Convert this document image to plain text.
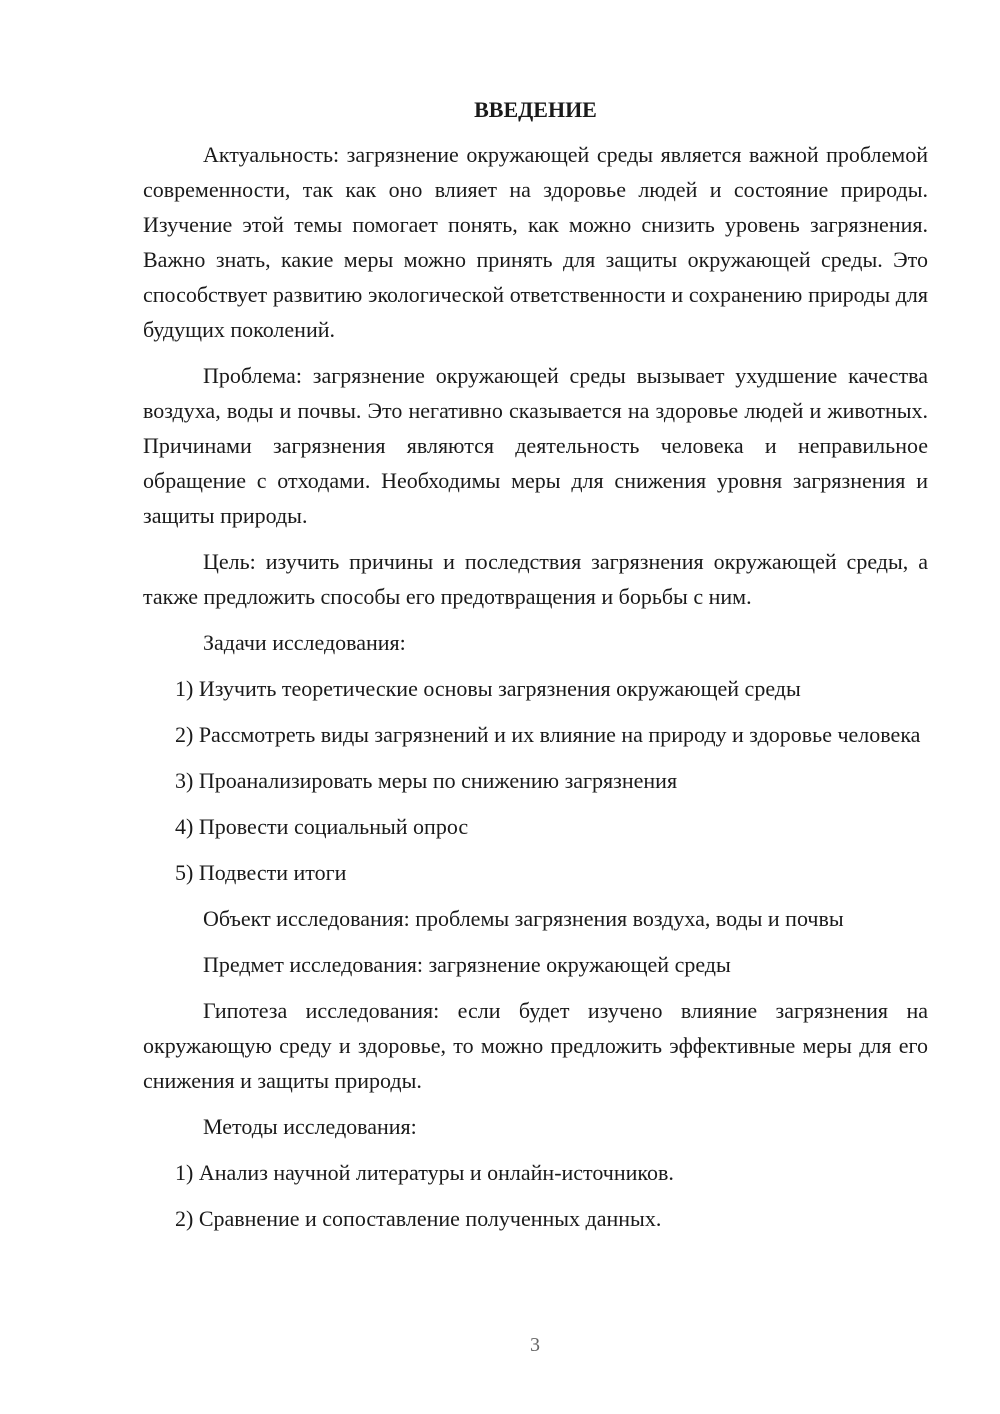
ВВЕДЕНИЕ

Актуальность: загрязнение окружающей среды является важной проблемой современности, так как оно влияет на здоровье людей и состояние природы. Изучение этой темы помогает понять, как можно снизить уровень загрязнения. Важно знать, какие меры можно принять для защиты окружающей среды. Это способствует развитию экологической ответственности и сохранению природы для будущих поколений.

Проблема: загрязнение окружающей среды вызывает ухудшение качества воздуха, воды и почвы. Это негативно сказывается на здоровье людей и животных. Причинами загрязнения являются деятельность человека и неправильное обращение с отходами. Необходимы меры для снижения уровня загрязнения и защиты природы.

Цель: изучить причины и последствия загрязнения окружающей среды, а также предложить способы его предотвращения и борьбы с ним.

Задачи исследования:

1) Изучить теоретические основы загрязнения окружающей среды

2) Рассмотреть виды загрязнений и их влияние на природу и здоровье человека

3) Проанализировать меры по снижению загрязнения

4) Провести социальный опрос

5) Подвести итоги

Объект исследования: проблемы загрязнения воздуха, воды и почвы

Предмет исследования: загрязнение окружающей среды

Гипотеза исследования: если будет изучено влияние загрязнения на окружающую среду и здоровье, то можно предложить эффективные меры для его снижения и защиты природы.

Методы исследования:

1) Анализ научной литературы и онлайн-источников.

2) Сравнение и сопоставление полученных данных.

3
